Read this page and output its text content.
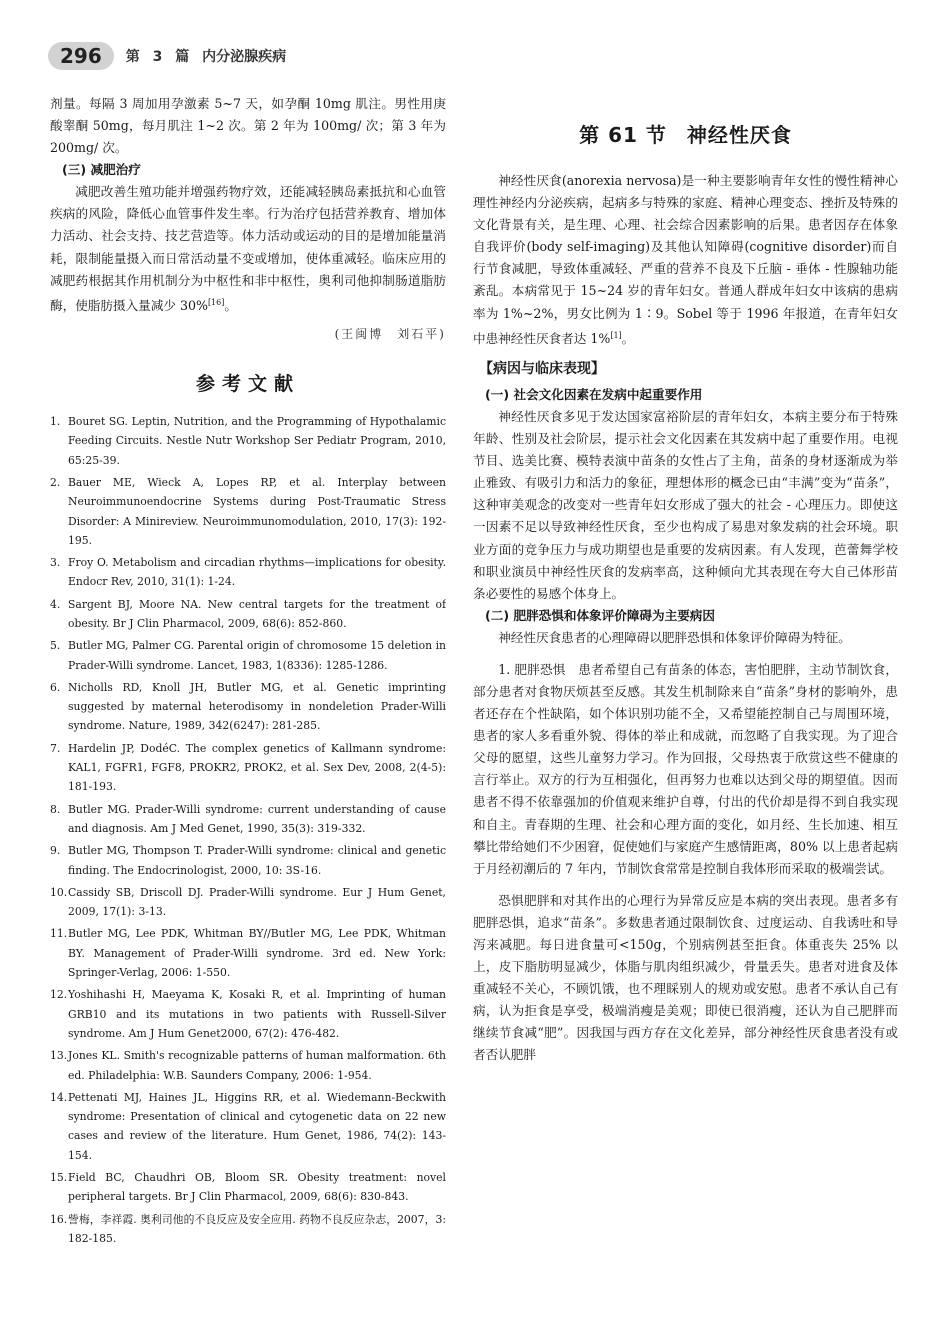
296	第 3 篇 内分泌腺疾病

剂量。每隔 3 周加用孕激素 5~7 天，如孕酮 10mg 肌注。男性用庚酸睾酮 50mg，每月肌注 1~2 次。第 2 年为 100mg/ 次；第 3 年为 200mg/ 次。

(三) 减肥治疗

减肥改善生殖功能并增强药物疗效，还能减轻胰岛素抵抗和心血管疾病的风险，降低心血管事件发生率。行为治疗包括营养教育、增加体力活动、社会支持、技艺营造等。体力活动或运动的目的是增加能量消耗，限制能量摄入而日常活动量不变或增加，使体重减轻。临床应用的减肥药根据其作用机制分为中枢性和非中枢性，奥利司他抑制肠道脂肪酶，使脂肪摄入量减少 30%[16]。

(王闽博　刘石平)
参考文献
1. Bouret SG. Leptin, Nutrition, and the Programming of Hypothalamic Feeding Circuits. Nestle Nutr Workshop Ser Pediatr Program, 2010, 65:25-39.
2. Bauer ME, Wieck A, Lopes RP, et al. Interplay between Neuroimmunoendocrine Systems during Post-Traumatic Stress Disorder: A Minireview. Neuroimmunomodulation, 2010, 17(3): 192-195.
3. Froy O. Metabolism and circadian rhythms—implications for obesity. Endocr Rev, 2010, 31(1): 1-24.
4. Sargent BJ, Moore NA. New central targets for the treatment of obesity. Br J Clin Pharmacol, 2009, 68(6): 852-860.
5. Butler MG, Palmer CG. Parental origin of chromosome 15 deletion in Prader-Willi syndrome. Lancet, 1983, 1(8336): 1285-1286.
6. Nicholls RD, Knoll JH, Butler MG, et al. Genetic imprinting suggested by maternal heterodisomy in nondeletion Prader-Willi syndrome. Nature, 1989, 342(6247): 281-285.
7. Hardelin JP, DodéC. The complex genetics of Kallmann syndrome: KAL1, FGFR1, FGF8, PROKR2, PROK2, et al. Sex Dev, 2008, 2(4-5): 181-193.
8. Butler MG. Prader-Willi syndrome: current understanding of cause and diagnosis. Am J Med Genet, 1990, 35(3): 319-332.
9. Butler MG, Thompson T. Prader-Willi syndrome: clinical and genetic finding. The Endocrinologist, 2000, 10: 3S-16.
10. Cassidy SB, Driscoll DJ. Prader-Willi syndrome. Eur J Hum Genet, 2009, 17(1): 3-13.
11. Butler MG, Lee PDK, Whitman BY//Butler MG, Lee PDK, Whitman BY. Management of Prader-Willi syndrome. 3rd ed. New York: Springer-Verlag, 2006: 1-550.
12. Yoshihashi H, Maeyama K, Kosaki R, et al. Imprinting of human GRB10 and its mutations in two patients with Russell-Silver syndrome. Am J Hum Genet2000, 67(2): 476-482.
13. Jones KL. Smith's recognizable patterns of human malformation. 6th ed. Philadelphia: W.B. Saunders Company, 2006: 1-954.
14. Pettenati MJ, Haines JL, Higgins RR, et al. Wiedemann-Beckwith syndrome: Presentation of clinical and cytogenetic data on 22 new cases and review of the literature. Hum Genet, 1986, 74(2): 143-154.
15. Field BC, Chaudhri OB, Bloom SR. Obesity treatment: novel peripheral targets. Br J Clin Pharmacol, 2009, 68(6): 830-843.
16. 訾梅，李祥霞. 奥利司他的不良反应及安全应用. 药物不良反应杂志，2007，3: 182-185.
第 61 节 神经性厌食

神经性厌食(anorexia nervosa)是一种主要影响青年女性的慢性精神心理性神经内分泌疾病，起病多与特殊的家庭、精神心理变态、挫折及特殊的文化背景有关，是生理、心理、社会综合因素影响的后果。患者因存在体象自我评价(body self-imaging)及其他认知障碍(cognitive disorder)而自行节食减肥，导致体重减轻、严重的营养不良及下丘脑 - 垂体 - 性腺轴功能紊乱。本病常见于 15~24 岁的青年妇女。普通人群成年妇女中该病的患病率为 1%~2%，男女比例为 1∶9。Sobel 等于 1996 年报道，在青年妇女中患神经性厌食者达 1%[1]。

【病因与临床表现】
(一) 社会文化因素在发病中起重要作用

神经性厌食多见于发达国家富裕阶层的青年妇女，本病主要分布于特殊年龄、性别及社会阶层，提示社会文化因素在其发病中起了重要作用。电视节目、选美比赛、模特表演中苗条的女性占了主角，苗条的身材逐渐成为举止雅致、有吸引力和活力的象征，理想体形的概念已由“丰满”变为“苗条”，这种审美观念的改变对一些青年妇女形成了强大的社会 - 心理压力。即使这一因素不足以导致神经性厌食，至少也构成了易患对象发病的社会环境。职业方面的竞争压力与成功期望也是重要的发病因素。有人发现，芭蕾舞学校和职业演员中神经性厌食的发病率高，这种倾向尤其表现在夸大自己体形苗条必要性的易感个体身上。

(二) 肥胖恐惧和体象评价障碍为主要病因

神经性厌食患者的心理障碍以肥胖恐惧和体象评价障碍为特征。

1. 肥胖恐惧　患者希望自己有苗条的体态，害怕肥胖，主动节制饮食，部分患者对食物厌烦甚至反感。其发生机制除来自“苗条”身材的影响外，患者还存在个性缺陷，如个体识别功能不全，又希望能控制自己与周围环境，患者的家人多看重外貌、得体的举止和成就，而忽略了自我实现。为了迎合父母的愿望，这些儿童努力学习。作为回报，父母热衷于欣赏这些不健康的言行举止。双方的行为互相强化，但再努力也难以达到父母的期望值。因而患者不得不依靠强加的价值观来维护自尊，付出的代价却是得不到自我实现和自主。青春期的生理、社会和心理方面的变化，如月经、生长加速、相互攀比带给她们不少困窘，促使她们与家庭产生感情距离，80% 以上患者起病于月经初潮后的 7 年内，节制饮食常常是控制自我体形而采取的极端尝试。

恐惧肥胖和对其作出的心理行为异常反应是本病的突出表现。患者多有肥胖恐惧，追求“苗条”。多数患者通过限制饮食、过度运动、自我诱吐和导泻来减肥。每日进食量可<150g，个别病例甚至拒食。体重丧失 25% 以上，皮下脂肪明显减少，体脂与肌肉组织减少，骨量丢失。患者对进食及体重减轻不关心，不顾饥饿，也不理睬别人的规劝或安慰。患者不承认自己有病，认为拒食是享受，极端消瘦是美观；即使已很消瘦，还认为自己肥胖而继续节食减“肥”。因我国与西方存在文化差异，部分神经性厌食患者没有或者否认肥胖
